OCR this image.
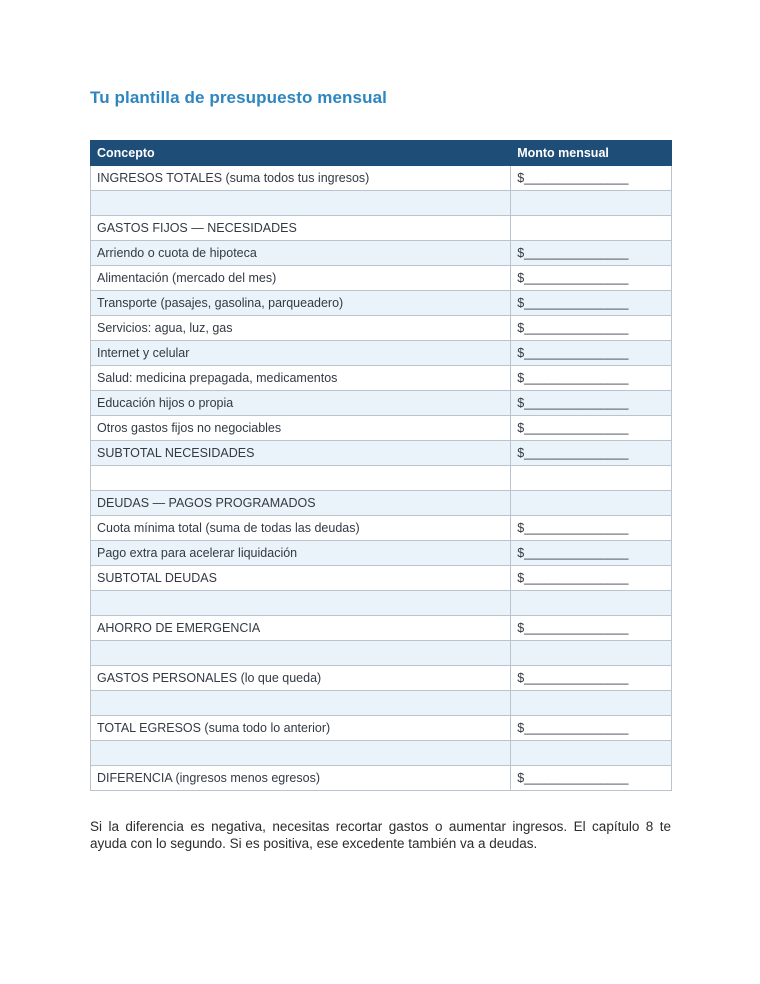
Tu plantilla de presupuesto mensual
Concepto	Monto mensual
INGRESOS TOTALES (suma todos tus ingresos)	$_______________

GASTOS FIJOS — NECESIDADES	
Arriendo o cuota de hipoteca	$_______________
Alimentación (mercado del mes)	$_______________
Transporte (pasajes, gasolina, parqueadero)	$_______________
Servicios: agua, luz, gas	$_______________
Internet y celular	$_______________
Salud: medicina prepagada, medicamentos	$_______________
Educación hijos o propia	$_______________
Otros gastos fijos no negociables	$_______________
SUBTOTAL NECESIDADES	$_______________

DEUDAS — PAGOS PROGRAMADOS	
Cuota mínima total (suma de todas las deudas)	$_______________
Pago extra para acelerar liquidación	$_______________
SUBTOTAL DEUDAS	$_______________

AHORRO DE EMERGENCIA	$_______________

GASTOS PERSONALES (lo que queda)	$_______________

TOTAL EGRESOS (suma todo lo anterior)	$_______________

DIFERENCIA (ingresos menos egresos)	$_______________

Si la diferencia es negativa, necesitas recortar gastos o aumentar ingresos. El capítulo 8 te ayuda con lo segundo. Si es positiva, ese excedente también va a deudas.
